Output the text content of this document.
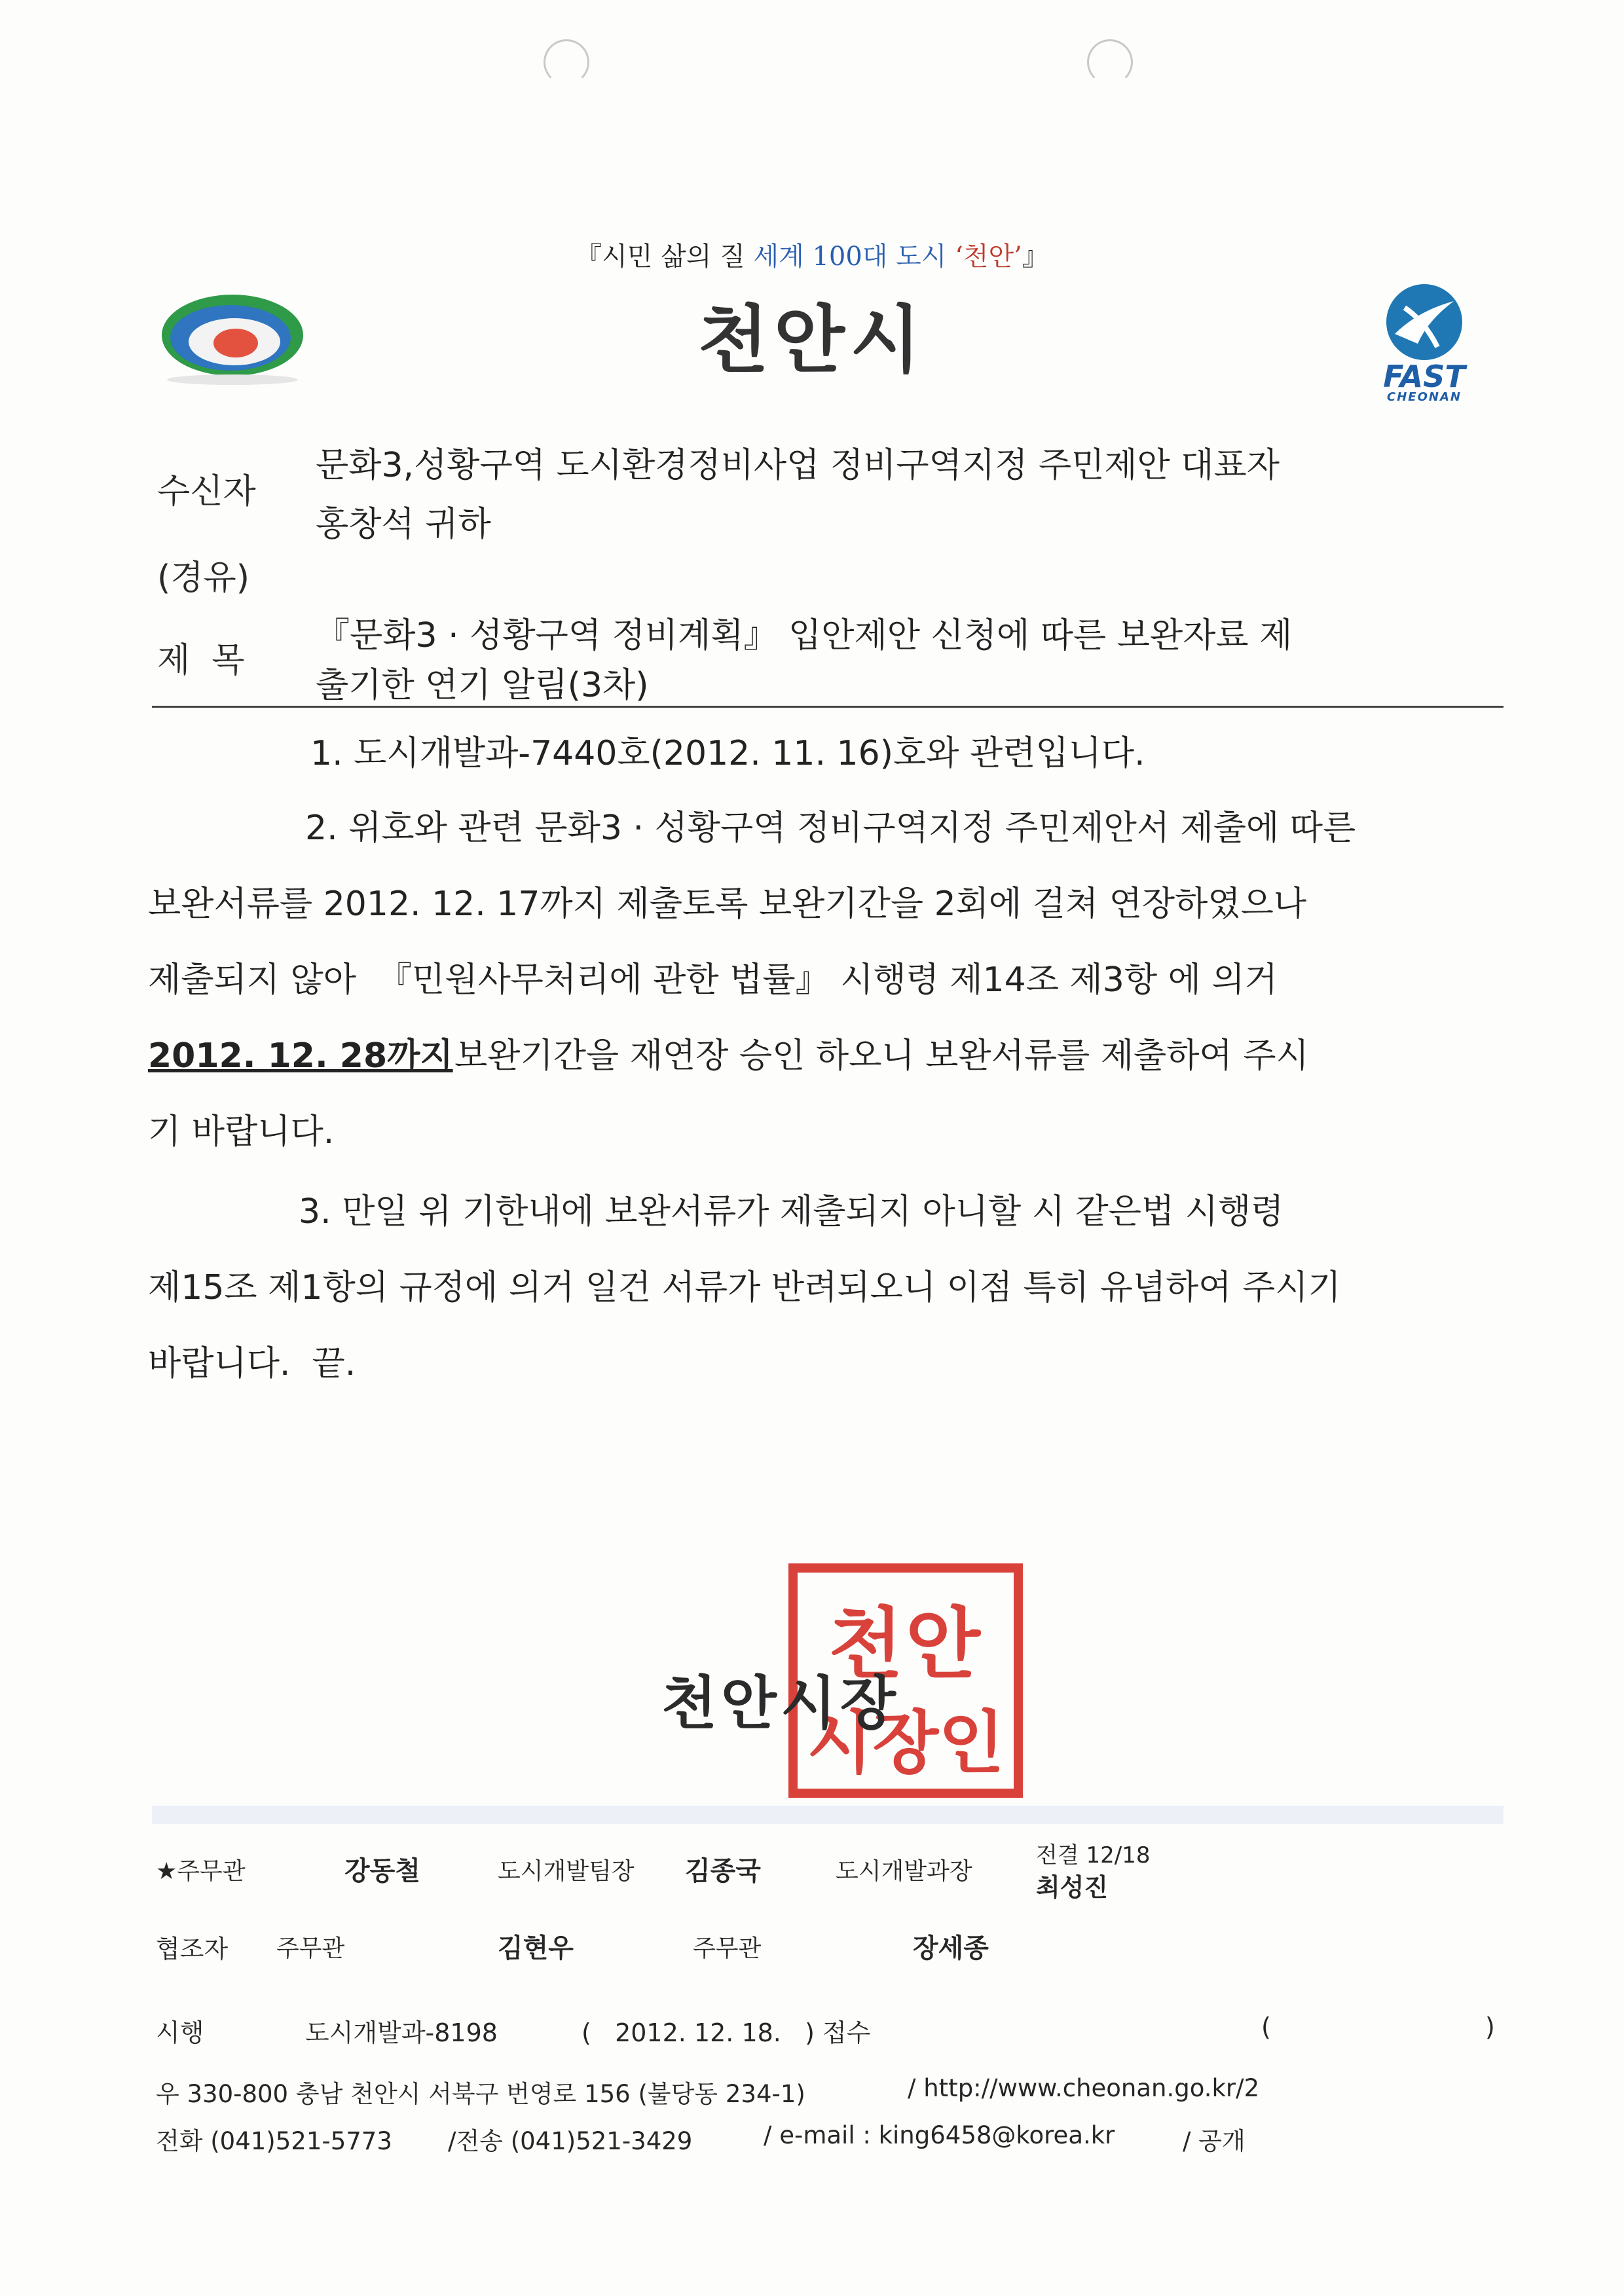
『시민 삶의 질 세계 100대 도시 ‘천안’』
천안시	FAST
CHEONAN
수신자
문화3,성황구역 도시환경정비사업 정비구역지정 주민제안 대표자
홍창석 귀하
(경유)
제  목
『문화3 · 성황구역 정비계획』 입안제안 신청에 따른 보완자료 제
출기한 연기 알림(3차)
1. 도시개발과-7440호(2012. 11. 16)호와 관련입니다.
2. 위호와 관련 문화3 · 성황구역 정비구역지정 주민제안서 제출에 따른
보완서류를 2012. 12. 17까지 제출토록 보완기간을 2회에 걸쳐 연장하였으나
제출되지 않아  『민원사무처리에 관한 법률』 시행령 제14조 제3항 에 의거
2012. 12. 28까지 보완기간을 재연장 승인 하오니 보완서류를 제출하여 주시
기 바랍니다.
3. 만일 위 기한내에 보완서류가 제출되지 아니할 시 같은법 시행령
제15조 제1항의 규정에 의거 일건 서류가 반려되오니 이점 특히 유념하여 주시기
바랍니다.  끝.
천안
시장인
천안시장
★주무관	강동철	도시개발팀장 김종국	도시개발과장
전결 12/18
최성진
협조자 주무관	김현우	주무관	장세종
시행	도시개발과-8198	(   2012. 12. 18.   ) 접수	(	)
우 330-800 충남 천안시 서북구 번영로 156 (불당동 234-1)	/ http://www.cheonan.go.kr/2
전화 (041)521-5773 /전송 (041)521-3429	/ e-mail : king6458@korea.kr	/ 공개
